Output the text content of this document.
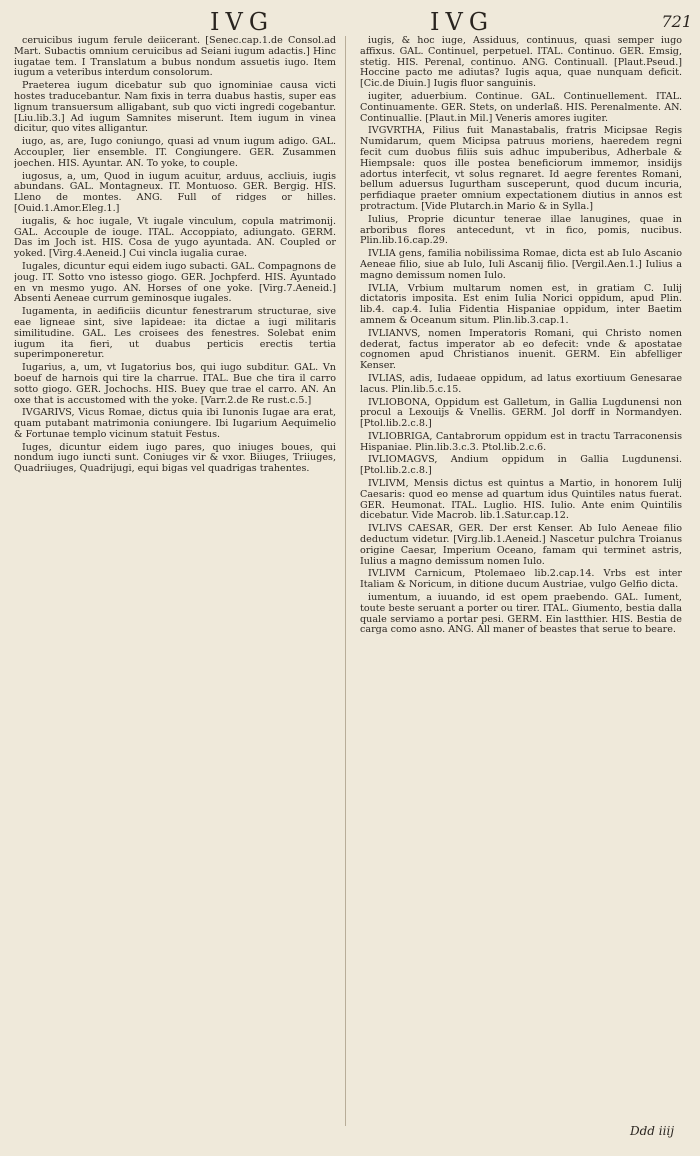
IVG	IVG	721

ceruicibus iugum ferule deiicerant. [Senec.cap.1.de Consol.ad Mart. Subactis omnium ceruicibus ad Seiani iugum adactis.] Hinc iugatae tem. I Translatum a bubus nondum assuetis iugo. Item iugum a veteribus interdum consolorum.

Praeterea iugum dicebatur sub quo ignominiae causa victi hostes traducebantur. Nam fixis in terra duabus hastis, super eas lignum transuersum alligabant, sub quo victi ingredi cogebantur. [Liu.lib.3.] Ad iugum Samnites miserunt. Item iugum in vinea dicitur, quo vites alligantur.

iugo, as, are, Iugo coniungo, quasi ad vnum iugum adigo. GAL. Accoupler, lier ensemble. IT. Congiungere. GER. Zusammen joechen. HIS. Ayuntar. AN. To yoke, to couple.

iugosus, a, um, Quod in iugum acuitur, arduus, accliuis, iugis abundans. GAL. Montagneux. IT. Montuoso. GER. Bergig. HIS. Lleno de montes. ANG. Full of ridges or hilles. [Ouid.1.Amor.Eleg.1.]

iugalis, & hoc iugale, Vt iugale vinculum, copula matrimonij. GAL. Accouple de iouge. ITAL. Accoppiato, adiungato. GERM. Das im Joch ist. HIS. Cosa de yugo ayuntada. AN. Coupled or yoked. [Virg.4.Aeneid.] Cui vincla iugalia curae.

Iugales, dicuntur equi eidem iugo subacti. GAL. Compagnons de joug. IT. Sotto vno istesso giogo. GER. Jochpferd. HIS. Ayuntado en vn mesmo yugo. AN. Horses of one yoke. [Virg.7.Aeneid.] Absenti Aeneae currum geminosque iugales.

Iugamenta, in aedificiis dicuntur fenestrarum structurae, sive eae ligneae sint, sive lapideae: ita dictae a iugi militaris similitudine. GAL. Les croisees des fenestres. Solebat enim iugum ita fieri, ut duabus perticis erectis tertia superimponeretur.

Iugarius, a, um, vt Iugatorius bos, qui iugo subditur. GAL. Vn boeuf de harnois qui tire la charrue. ITAL. Bue che tira il carro sotto giogo. GER. Jochochs. HIS. Buey que trae el carro. AN. An oxe that is accustomed with the yoke. [Varr.2.de Re rust.c.5.]

IVGARIVS, Vicus Romae, dictus quia ibi Iunonis Iugae ara erat, quam putabant matrimonia coniungere. Ibi Iugarium Aequimelio & Fortunae templo vicinum statuit Festus.

Iuges, dicuntur eidem iugo pares, quo iniuges boues, qui nondum iugo iuncti sunt. Coniuges vir & vxor. Biiuges, Triiuges, Quadriiuges, Quadrijugi, equi bigas vel quadrigas trahentes.

iugis, & hoc iuge, Assiduus, continuus, quasi semper iugo affixus. GAL. Continuel, perpetuel. ITAL. Continuo. GER. Emsig, stetig. HIS. Perenal, continuo. ANG. Continuall. [Plaut.Pseud.] Hoccine pacto me adiutas? Iugis aqua, quae nunquam deficit. [Cic.de Diuin.] Iugis fluor sanguinis.

iugiter, aduerbium. Continue. GAL. Continuellement. ITAL. Continuamente. GER. Stets, on underlaß. HIS. Perenalmente. AN. Continuallie. [Plaut.in Mil.] Veneris amores iugiter.

IVGVRTHA, Filius fuit Manastabalis, fratris Micipsae Regis Numidarum, quem Micipsa patruus moriens, haeredem regni fecit cum duobus filiis suis adhuc impuberibus, Adherbale & Hiempsale: quos ille postea beneficiorum immemor, insidijs adortus interfecit, vt solus regnaret. Id aegre ferentes Romani, bellum aduersus Iugurtham susceperunt, quod ducum incuria, perfidiaque praeter omnium expectationem diutius in annos est protractum. [Vide Plutarch.in Mario & in Sylla.]

Iulius, Proprie dicuntur tenerae illae lanugines, quae in arboribus flores antecedunt, vt in fico, pomis, nucibus. Plin.lib.16.cap.29.

IVLIA gens, familia nobilissima Romae, dicta est ab Iulo Ascanio Aeneae filio, siue ab Iulo, Iuli Ascanij filio. [Vergil.Aen.1.] Iulius a magno demissum nomen Iulo.

IVLIA, Vrbium multarum nomen est, in gratiam C. Iulij dictatoris imposita. Est enim Iulia Norici oppidum, apud Plin. lib.4. cap.4. Iulia Fidentia Hispaniae oppidum, inter Baetim amnem & Oceanum situm. Plin.lib.3.cap.1.

IVLIANVS, nomen Imperatoris Romani, qui Christo nomen dederat, factus imperator ab eo defecit: vnde & apostatae cognomen apud Christianos inuenit. GERM. Ein abfelliger Kenser.

IVLIAS, adis, Iudaeae oppidum, ad latus exortiuum Genesarae lacus. Plin.lib.5.c.15.

IVLIOBONA, Oppidum est Galletum, in Gallia Lugdunensi non procul a Lexouijs & Vnellis. GERM. Jol dorff in Normandyen. [Ptol.lib.2.c.8.]

IVLIOBRIGA, Cantabrorum oppidum est in tractu Tarraconensis Hispaniae. Plin.lib.3.c.3. Ptol.lib.2.c.6.

IVLIOMAGVS, Andium oppidum in Gallia Lugdunensi. [Ptol.lib.2.c.8.]

IVLIVM, Mensis dictus est quintus a Martio, in honorem Iulij Caesaris: quod eo mense ad quartum idus Quintiles natus fuerat. GER. Heumonat. ITAL. Luglio. HIS. Iulio. Ante enim Quintilis dicebatur. Vide Macrob. lib.1.Satur.cap.12.

IVLIVS CAESAR, GER. Der erst Kenser. Ab Iulo Aeneae filio deductum videtur. [Virg.lib.1.Aeneid.] Nascetur pulchra Troianus origine Caesar, Imperium Oceano, famam qui terminet astris, Iulius a magno demissum nomen Iulo.

IVLIVM Carnicum, Ptolemaeo lib.2.cap.14. Vrbs est inter Italiam & Noricum, in ditione ducum Austriae, vulgo Gelfio dicta.

iumentum, a iuuando, id est opem praebendo. GAL. Iument, toute beste seruant a porter ou tirer. ITAL. Giumento, bestia dalla quale serviamo a portar pesi. GERM. Ein lastthier. HIS. Bestia de carga como asno. ANG. All maner of beastes that serue to beare.

Ddd iiij
